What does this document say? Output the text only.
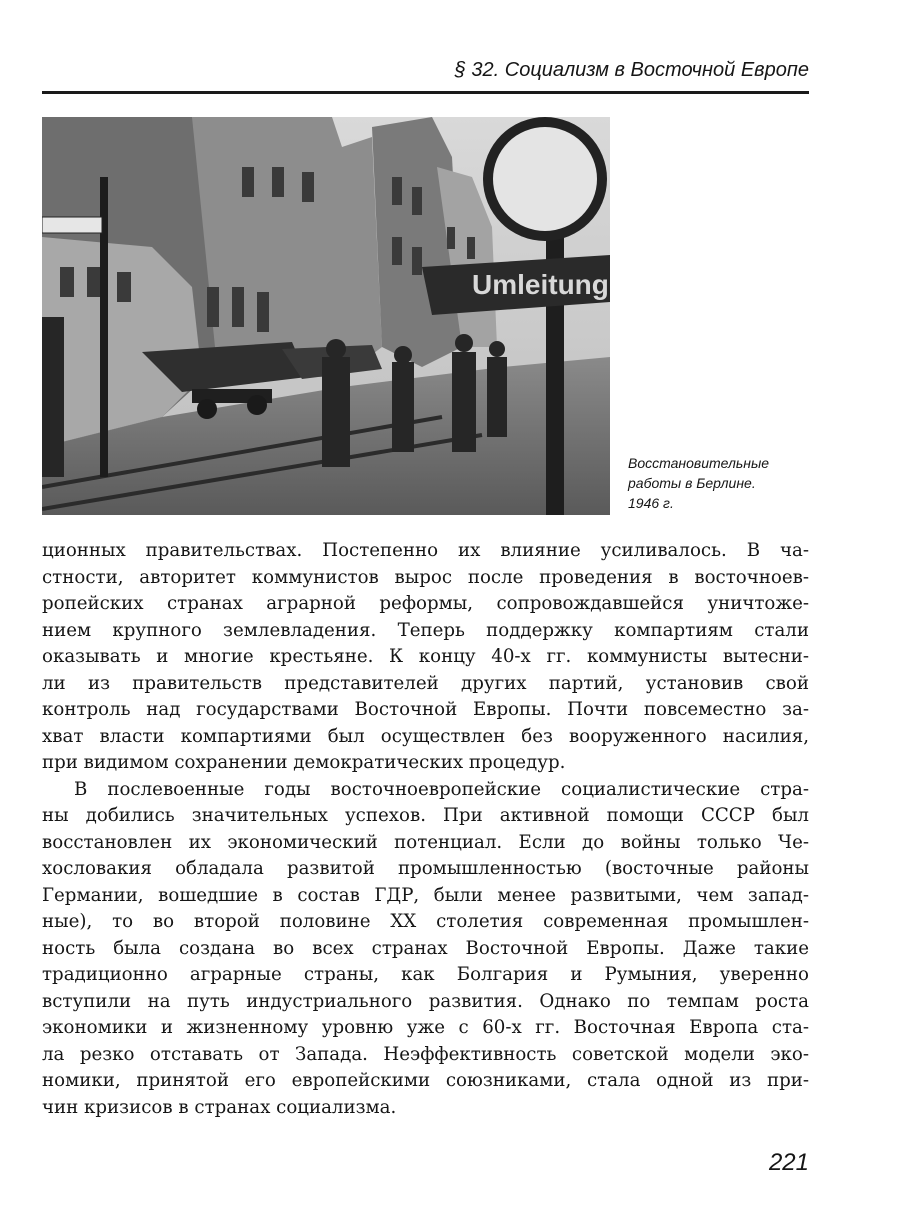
§ 32. Социализм в Восточной Европе
Umleitung
Восстановительные
работы в Берлине.
1946 г.
ционных правительствах. Постепенно их влияние усиливалось. В ча-
стности, авторитет коммунистов вырос после проведения в восточноев-
ропейских странах аграрной реформы, сопровождавшейся уничтоже-
нием крупного землевладения. Теперь поддержку компартиям стали
оказывать и многие крестьяне. К концу 40-х гг. коммунисты вытесни-
ли из правительств представителей других партий, установив свой
контроль над государствами Восточной Европы. Почти повсеместно за-
хват власти компартиями был осуществлен без вооруженного насилия,
при видимом сохранении демократических процедур.
В послевоенные годы восточноевропейские социалистические стра-
ны добились значительных успехов. При активной помощи СССР был
восстановлен их экономический потенциал. Если до войны только Че-
хословакия обладала развитой промышленностью (восточные районы
Германии, вошедшие в состав ГДР, были менее развитыми, чем запад-
ные), то во второй половине XX столетия современная промышлен-
ность была создана во всех странах Восточной Европы. Даже такие
традиционно аграрные страны, как Болгария и Румыния, уверенно
вступили на путь индустриального развития. Однако по темпам роста
экономики и жизненному уровню уже с 60-х гг. Восточная Европа ста-
ла резко отставать от Запада. Неэффективность советской модели эко-
номики, принятой его европейскими союзниками, стала одной из при-
чин кризисов в странах социализма.
221
